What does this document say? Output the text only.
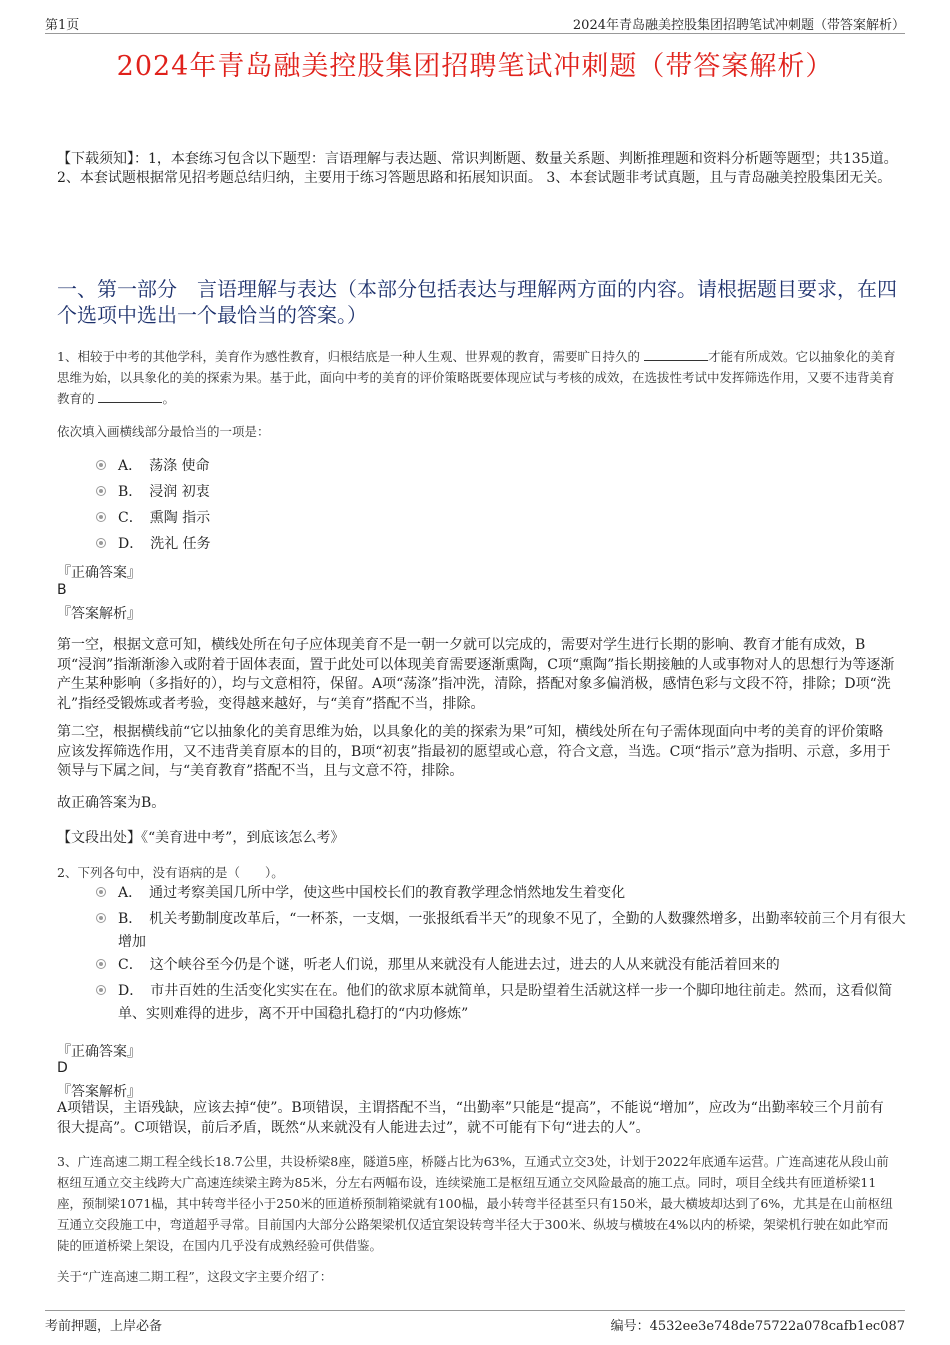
第1页	2024年青岛融美控股集团招聘笔试冲刺题（带答案解析）
2024年青岛融美控股集团招聘笔试冲刺题（带答案解析）
【下载须知】：1，本套练习包含以下题型：言语理解与表达题、常识判断题、数量关系题、判断推理题和资料分析题等题型；共135道。 2、本套试题根据常见招考题总结归纳，主要用于练习答题思路和拓展知识面。 3、本套试题非考试真题，且与青岛融美控股集团无关。
一、第一部分　言语理解与表达（本部分包括表达与理解两方面的内容。请根据题目要求，在四个选项中选出一个最恰当的答案。）
1、相较于中考的其他学科，美育作为感性教育，归根结底是一种人生观、世界观的教育，需要旷日持久的	才能有所成效。它以抽象化的美育思维为始，以具象化的美的探索为果。基于此，面向中考的美育的评价策略既要体现应试与考核的成效，在选拔性考试中发挥筛选作用，又要不违背美育教育的	。
依次填入画横线部分最恰当的一项是：
A．　荡涤 使命
B．　浸润 初衷
C．　熏陶 指示
D．　洗礼 任务
『正确答案』
B
『答案解析』
第一空，根据文意可知，横线处所在句子应体现美育不是一朝一夕就可以完成的，需要对学生进行长期的影响、教育才能有成效，B项“浸润”指渐渐渗入或附着于固体表面，置于此处可以体现美育需要逐渐熏陶，C项“熏陶”指长期接触的人或事物对人的思想行为等逐渐产生某种影响（多指好的），均与文意相符，保留。A项“荡涤”指冲洗，清除，搭配对象多偏消极，感情色彩与文段不符，排除；D项“洗礼”指经受锻炼或者考验，变得越来越好，与“美育”搭配不当，排除。
第二空，根据横线前“它以抽象化的美育思维为始，以具象化的美的探索为果”可知，横线处所在句子需体现面向中考的美育的评价策略应该发挥筛选作用，又不违背美育原本的目的，B项“初衷”指最初的愿望或心意，符合文意，当选。C项“指示”意为指明、示意，多用于领导与下属之间，与“美育教育”搭配不当，且与文意不符，排除。
故正确答案为B。
【文段出处】《“美育进中考”，到底该怎么考》
2、下列各句中，没有语病的是（　　）。
A．　通过考察美国几所中学，使这些中国校长们的教育教学理念悄然地发生着变化
B．　机关考勤制度改革后，“一杯茶，一支烟，一张报纸看半天”的现象不见了，全勤的人数骤然增多，出勤率较前三个月有很大增加
C．　这个峡谷至今仍是个谜，听老人们说，那里从来就没有人能进去过，进去的人从来就没有能活着回来的
D．　市井百姓的生活变化实实在在。他们的欲求原本就简单，只是盼望着生活就这样一步一个脚印地往前走。然而，这看似简单、实则难得的进步，离不开中国稳扎稳打的“内功修炼”
『正确答案』
D
『答案解析』
A项错误，主语残缺，应该去掉“使”。B项错误，主谓搭配不当，“出勤率”只能是“提高”，不能说“增加”，应改为“出勤率较三个月前有很大提高”。C项错误，前后矛盾，既然“从来就没有人能进去过”，就不可能有下句“进去的人”。
3、广连高速二期工程全线长18.7公里，共设桥梁8座，隧道5座，桥隧占比为63%，互通式立交3处，计划于2022年底通车运营。广连高速花从段山前枢纽互通立交主线跨大广高速连续梁主跨为85米，分左右两幅布设，连续梁施工是枢纽互通立交风险最高的施工点。同时，项目全线共有匝道桥梁11座，预制梁1071榀，其中转弯半径小于250米的匝道桥预制箱梁就有100榀，最小转弯半径甚至只有150米，最大横坡却达到了6%，尤其是在山前枢纽互通立交段施工中，弯道超乎寻常。目前国内大部分公路架梁机仅适宜架设转弯半径大于300米、纵坡与横坡在4%以内的桥梁，架梁机行驶在如此窄而陡的匝道桥梁上架设，在国内几乎没有成熟经验可供借鉴。
关于“广连高速二期工程”，这段文字主要介绍了：
考前押题，上岸必备	编号：4532ee3e748de75722a078cafb1ec087
